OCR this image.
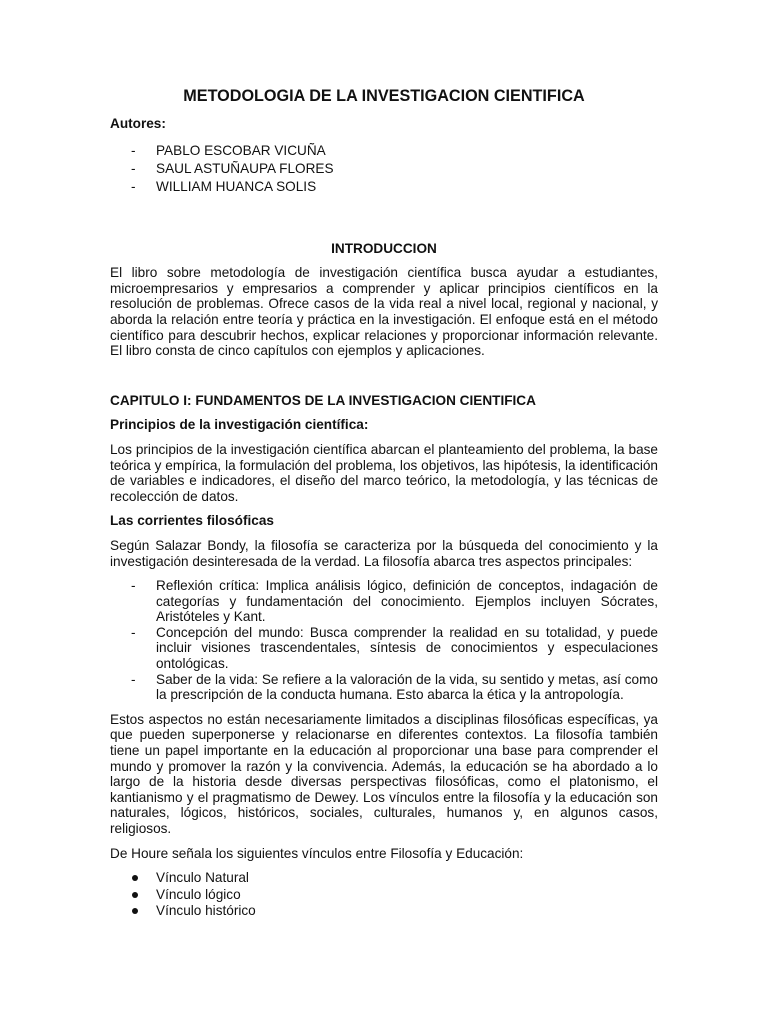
METODOLOGIA DE LA INVESTIGACION CIENTIFICA
Autores:
- PABLO ESCOBAR VICUÑA
- SAUL ASTUÑAUPA FLORES
- WILLIAM HUANCA SOLIS
INTRODUCCION

El libro sobre metodología de investigación científica busca ayudar a estudiantes, microempresarios y empresarios a comprender y aplicar principios científicos en la resolución de problemas. Ofrece casos de la vida real a nivel local, regional y nacional, y aborda la relación entre teoría y práctica en la investigación. El enfoque está en el método científico para descubrir hechos, explicar relaciones y proporcionar información relevante. El libro consta de cinco capítulos con ejemplos y aplicaciones.

CAPITULO I: FUNDAMENTOS DE LA INVESTIGACION CIENTIFICA
Principios de la investigación científica:

Los principios de la investigación científica abarcan el planteamiento del problema, la base teórica y empírica, la formulación del problema, los objetivos, las hipótesis, la identificación de variables e indicadores, el diseño del marco teórico, la metodología, y las técnicas de recolección de datos.

Las corrientes filosóficas

Según Salazar Bondy, la filosofía se caracteriza por la búsqueda del conocimiento y la investigación desinteresada de la verdad. La filosofía abarca tres aspectos principales:

- Reflexión crítica: Implica análisis lógico, definición de conceptos, indagación de categorías y fundamentación del conocimiento. Ejemplos incluyen Sócrates, Aristóteles y Kant.
- Concepción del mundo: Busca comprender la realidad en su totalidad, y puede incluir visiones trascendentales, síntesis de conocimientos y especulaciones ontológicas.
- Saber de la vida: Se refiere a la valoración de la vida, su sentido y metas, así como la prescripción de la conducta humana. Esto abarca la ética y la antropología.

Estos aspectos no están necesariamente limitados a disciplinas filosóficas específicas, ya que pueden superponerse y relacionarse en diferentes contextos. La filosofía también tiene un papel importante en la educación al proporcionar una base para comprender el mundo y promover la razón y la convivencia. Además, la educación se ha abordado a lo largo de la historia desde diversas perspectivas filosóficas, como el platonismo, el kantianismo y el pragmatismo de Dewey. Los vínculos entre la filosofía y la educación son naturales, lógicos, históricos, sociales, culturales, humanos y, en algunos casos, religiosos.

De Houre señala los siguientes vínculos entre Filosofía y Educación:

Vínculo Natural
Vínculo lógico
Vínculo histórico
